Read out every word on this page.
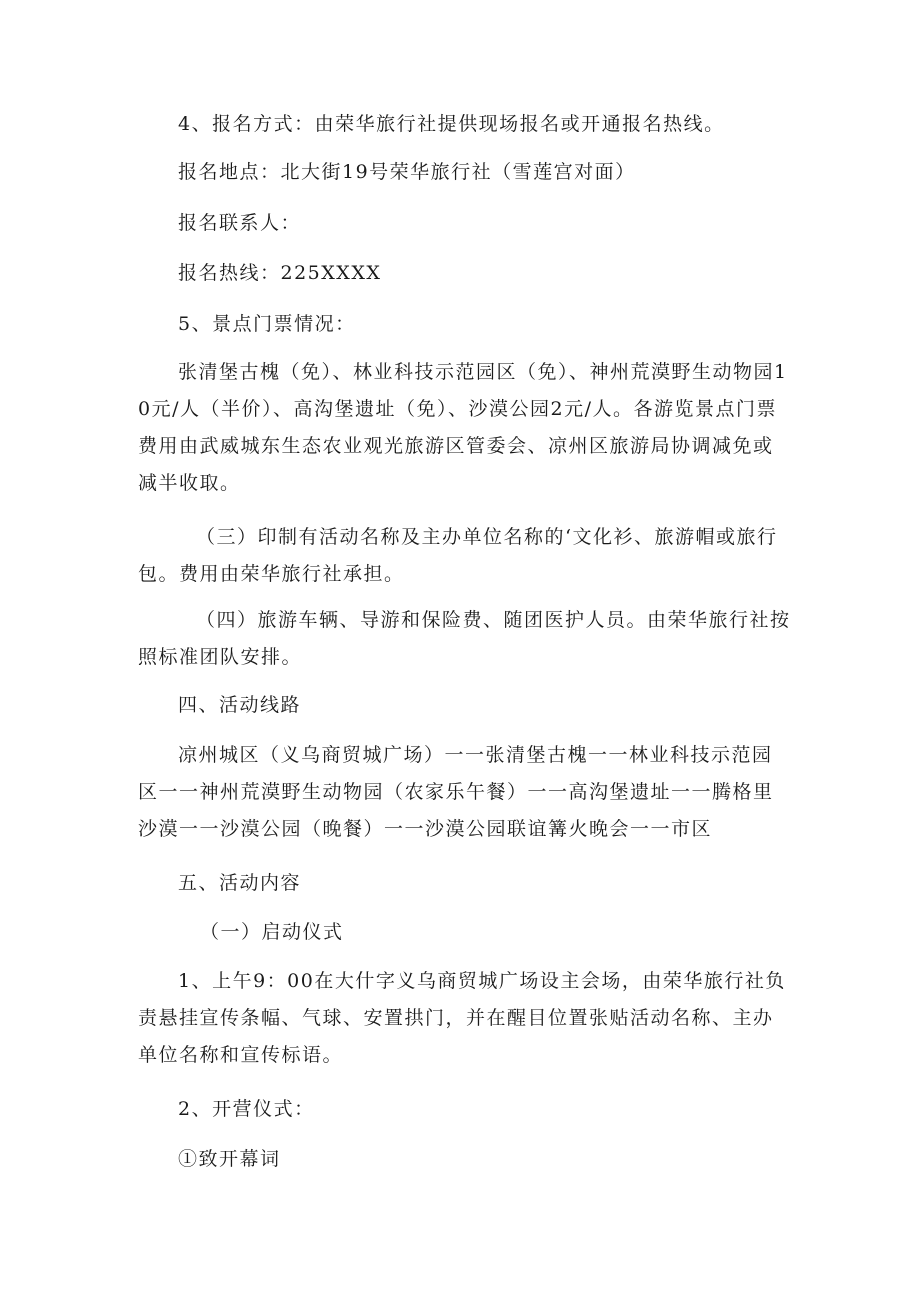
4、报名方式：由荣华旅行社提供现场报名或开通报名热线。
报名地点：北大街19号荣华旅行社（雪莲宫对面）
报名联系人：
报名热线：225XXXX
5、景点门票情况：
张清堡古槐（免）、林业科技示范园区（免）、神州荒漠野生动物园10元/人（半价）、高沟堡遗址（免）、沙漠公园2元/人。各游览景点门票费用由武威城东生态农业观光旅游区管委会、凉州区旅游局协调减免或减半收取。
（三）印制有活动名称及主办单位名称的‘文化衫、旅游帽或旅行包。费用由荣华旅行社承担。
（四）旅游车辆、导游和保险费、随团医护人员。由荣华旅行社按照标准团队安排。
四、活动线路
凉州城区（义乌商贸城广场）一一张清堡古槐一一林业科技示范园区一一神州荒漠野生动物园（农家乐午餐）一一高沟堡遗址一一腾格里沙漠一一沙漠公园（晚餐）一一沙漠公园联谊篝火晚会一一市区
五、活动内容
（一）启动仪式
1、上午9：00在大什字义乌商贸城广场设主会场，由荣华旅行社负责悬挂宣传条幅、气球、安置拱门，并在醒目位置张贴活动名称、主办单位名称和宣传标语。
2、开营仪式：
①致开幕词
